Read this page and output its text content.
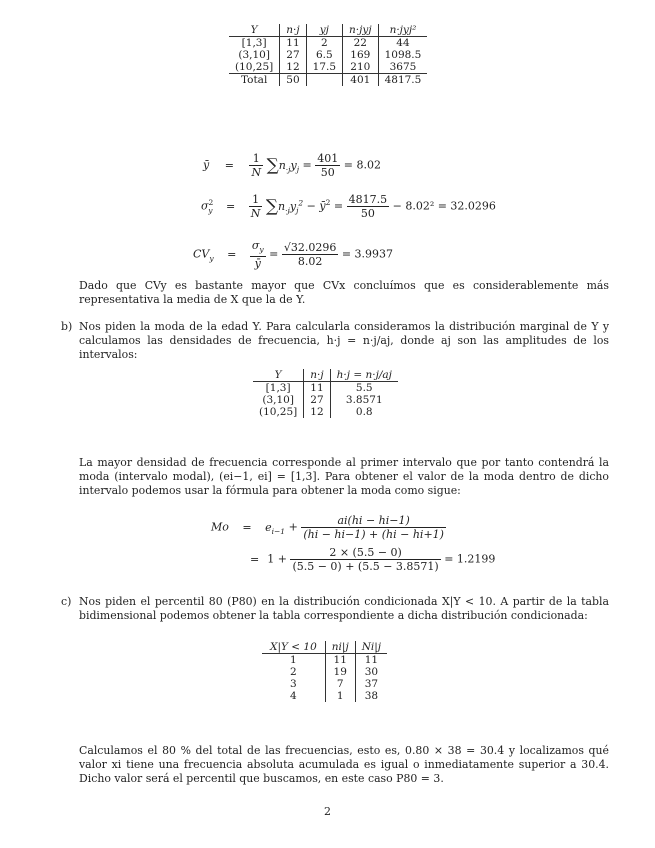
Y	n·j	yj	n·jyj	n·jyj²
[1,3]	11	2	22	44
(3,10]	27	6.5	169	1098.5
(10,25]	12	17.5	210	3675
Total	50		401	4817.5
ȳ = $\frac{1}{N} \sum n_{\cdot j}y_j = \frac{401}{50} = 8.02$
$\sigma^2_y = \frac{1}{N} \sum n_{\cdot j}y_j^2$ − $ȳ^2 = \frac{4817.5}{50} - 8.02^2 = 32.0296$
$CV_y = \frac{\sigma_y}{ȳ} = \frac{√32.0296}{8.02} = 3.9937$
Dado que CVy es bastante mayor que CVx concluímos que es considerablemente más representativa la media de X que la de Y.
b) Nos piden la moda de la edad Y. Para calcularla consideramos la distribución marginal de Y y calculamos las densidades de frecuencia, h·j = n·j/aj, donde aj son las amplitudes de los intervalos:
Y	n·j	h·j = n·j/aj
[1,3]	11	5.5
(3,10]	27	3.8571
(10,25]	12	0.8
La mayor densidad de frecuencia corresponde al primer intervalo que por tanto contendrá la moda (intervalo modal), (ei−1, ei] = [1,3]. Para obtener el valor de la moda dentro de dicho intervalo podemos usar la fórmula para obtener la moda como sigue:
$Mo = e_{i-1} + \frac{ai(hi - hi-1)}{(hi - hi-1) + (hi - hi+1)}$
= $1 + \frac{2 \times (5.5 - 0)}{(5.5 - 0) + (5.5 - 3.8571)} = 1.2199$
c) Nos piden el percentil 80 (P80) en la distribución condicionada X|Y < 10. A partir de la tabla bidimensional podemos obtener la tabla correspondiente a dicha distribución condicionada:
X|Y < 10	ni|j	Ni|j
1	11	11
2	19	30
3	7	37
4	1	38
Calculamos el 80 % del total de las frecuencias, esto es, 0.80 × 38 = 30.4 y localizamos qué valor xi tiene una frecuencia absoluta acumulada es igual o inmediatamente superior a 30.4. Dicho valor será el percentil que buscamos, en este caso P80 = 3.
2
